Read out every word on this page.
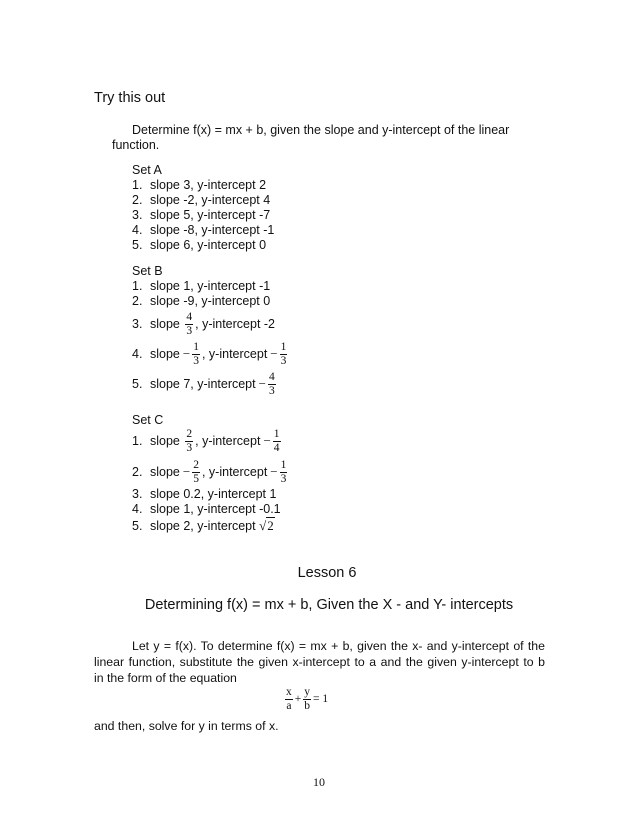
Try this out
Determine f(x) = mx + b, given the slope and y-intercept of the linear
function.
Set A
1. slope 3, y-intercept 2
2. slope -2, y-intercept 4
3. slope 5, y-intercept -7
4. slope -8, y-intercept -1
5. slope 6, y-intercept 0
Set B
1. slope 1, y-intercept -1
2. slope -9, y-intercept 0
3. slope $\frac{4}{3}$ , y-intercept -2
4. slope − $\frac{1}{3}$ , y-intercept − $\frac{1}{3}$
5. slope 7, y-intercept − $\frac{4}{3}$
Set C
1. slope $\frac{2}{3}$ , y-intercept − $\frac{1}{4}$
2. slope − $\frac{2}{5}$ , y-intercept − $\frac{1}{3}$
3. slope 0.2, y-intercept 1
4. slope 1, y-intercept -0.1
5. slope 2, y-intercept √2
Lesson 6
Determining f(x) = mx + b, Given the X - and Y- intercepts
Let y = f(x). To determine f(x) = mx + b, given the x- and y-intercept of the
linear function, substitute the given x-intercept to a and the given y-intercept to b
in the form of the equation
$\frac{x}{a} + \frac{y}{b} = 1$
and then, solve for y in terms of x.
10
